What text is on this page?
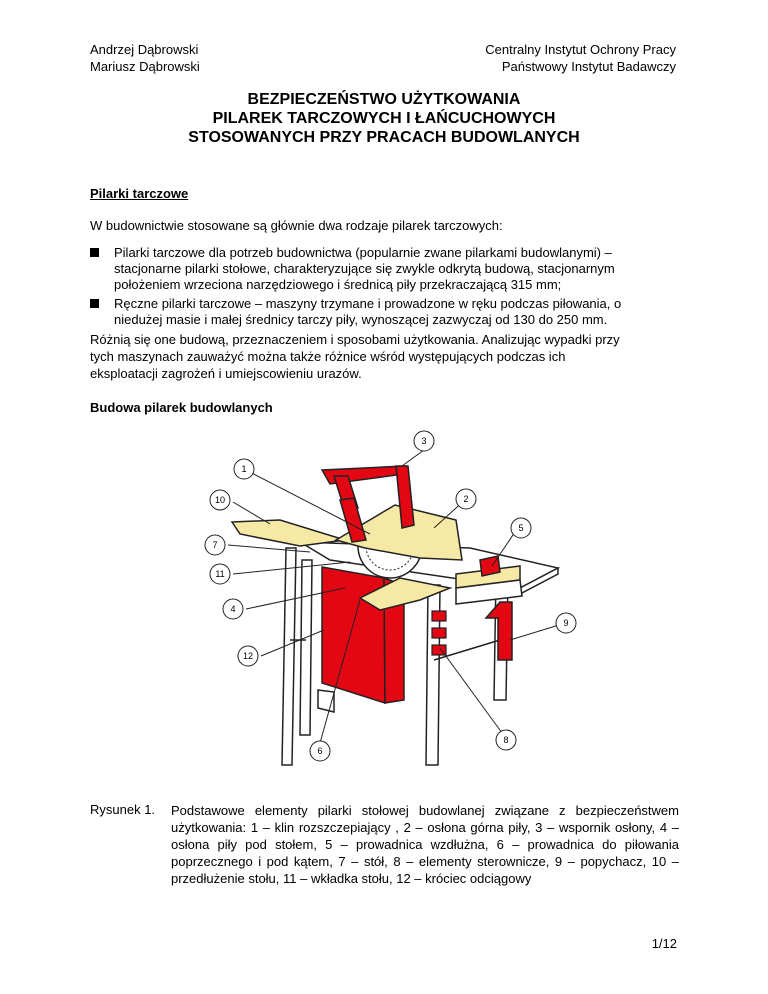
Andrzej Dąbrowski
Mariusz Dąbrowski
Centralny Instytut Ochrony Pracy
Państwowy Instytut Badawczy
BEZPIECZEŃSTWO UŻYTKOWANIA
PILAREK TARCZOWYCH I ŁAŃCUCHOWYCH
STOSOWANYCH PRZY PRACACH BUDOWLANYCH
Pilarki tarczowe
W budownictwie stosowane są głównie dwa rodzaje pilarek tarczowych:
Pilarki tarczowe dla potrzeb budownictwa (popularnie zwane pilarkami budowlanymi) –
stacjonarne pilarki stołowe, charakteryzujące się zwykle odkrytą budową, stacjonarnym
położeniem wrzeciona narzędziowego i średnicą piły przekraczającą 315 mm;
Ręczne pilarki tarczowe – maszyny trzymane i prowadzone w ręku podczas piłowania, o
niedużej masie i małej średnicy tarczy piły, wynoszącej zazwyczaj od 130 do 250 mm.
Różnią się one budową, przeznaczeniem i sposobami użytkowania. Analizując wypadki przy
tych maszynach zauważyć można także różnice wśród występujących podczas ich
eksploatacji zagrożeń i umiejscowieniu urazów.
Budowa pilarek budowlanych
1
2
3
4
5
6
7
8
9
10
11
12
Rysunek 1. Podstawowe elementy pilarki stołowej budowlanej związane z bezpieczeństwem użytkowania: 1 – klin rozszczepiający , 2 – osłona górna piły, 3 – wspornik osłony, 4 – osłona piły pod stołem, 5 – prowadnica wzdłużna, 6 – prowadnica do piłowania poprzecznego i pod kątem, 7 – stół, 8 – elementy sterownicze, 9 – popychacz, 10 – przedłużenie stołu, 11 – wkładka stołu, 12 – króciec odciągowy
1/12
